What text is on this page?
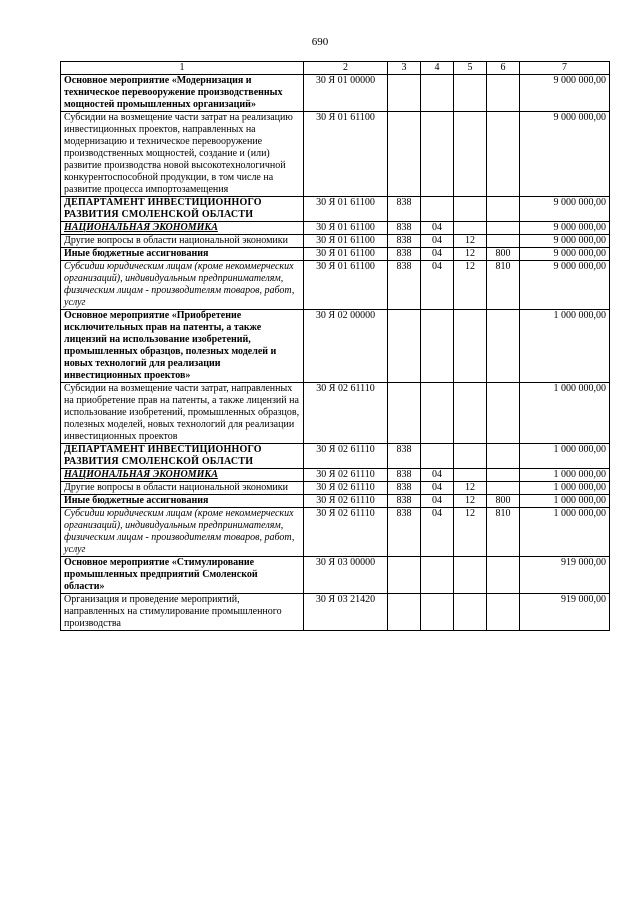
690
1	2	3	4	5	6	7
Основное мероприятие «Модернизация и техническое перевооружение производственных мощностей промышленных организаций»	30 Я 01 00000					9 000 000,00
Субсидии на возмещение части затрат на реализацию инвестиционных проектов, направленных на модернизацию и техническое перевооружение производственных мощностей, создание и (или) развитие производства новой высокотехнологичной конкурентоспособной продукции, в том числе на развитие процесса импортозамещения	30 Я 01 61100					9 000 000,00
ДЕПАРТАМЕНТ ИНВЕСТИЦИОННОГО РАЗВИТИЯ СМОЛЕНСКОЙ ОБЛАСТИ	30 Я 01 61100	838				9 000 000,00
НАЦИОНАЛЬНАЯ ЭКОНОМИКА	30 Я 01 61100	838	04			9 000 000,00
Другие вопросы в области национальной экономики	30 Я 01 61100	838	04	12		9 000 000,00
Иные бюджетные ассигнования	30 Я 01 61100	838	04	12	800	9 000 000,00
Субсидии юридическим лицам (кроме некоммерческих организаций), индивидуальным предпринимателям, физическим лицам - производителям товаров, работ, услуг	30 Я 01 61100	838	04	12	810	9 000 000,00
Основное мероприятие «Приобретение исключительных прав на патенты, а также лицензий на использование изобретений, промышленных образцов, полезных моделей и новых технологий для реализации инвестиционных проектов»	30 Я 02 00000					1 000 000,00
Субсидии на возмещение части затрат, направленных на приобретение прав на патенты, а также лицензий на использование изобретений, промышленных образцов, полезных моделей, новых технологий для реализации инвестиционных проектов	30 Я 02 61110					1 000 000,00
ДЕПАРТАМЕНТ ИНВЕСТИЦИОННОГО РАЗВИТИЯ СМОЛЕНСКОЙ ОБЛАСТИ	30 Я 02 61110	838				1 000 000,00
НАЦИОНАЛЬНАЯ ЭКОНОМИКА	30 Я 02 61110	838	04			1 000 000,00
Другие вопросы в области национальной экономики	30 Я 02 61110	838	04	12		1 000 000,00
Иные бюджетные ассигнования	30 Я 02 61110	838	04	12	800	1 000 000,00
Субсидии юридическим лицам (кроме некоммерческих организаций), индивидуальным предпринимателям, физическим лицам - производителям товаров, работ, услуг	30 Я 02 61110	838	04	12	810	1 000 000,00
Основное мероприятие «Стимулирование промышленных предприятий Смоленской области»	30 Я 03 00000					919 000,00
Организация и проведение мероприятий, направленных на стимулирование промышленного производства	30 Я 03 21420					919 000,00
